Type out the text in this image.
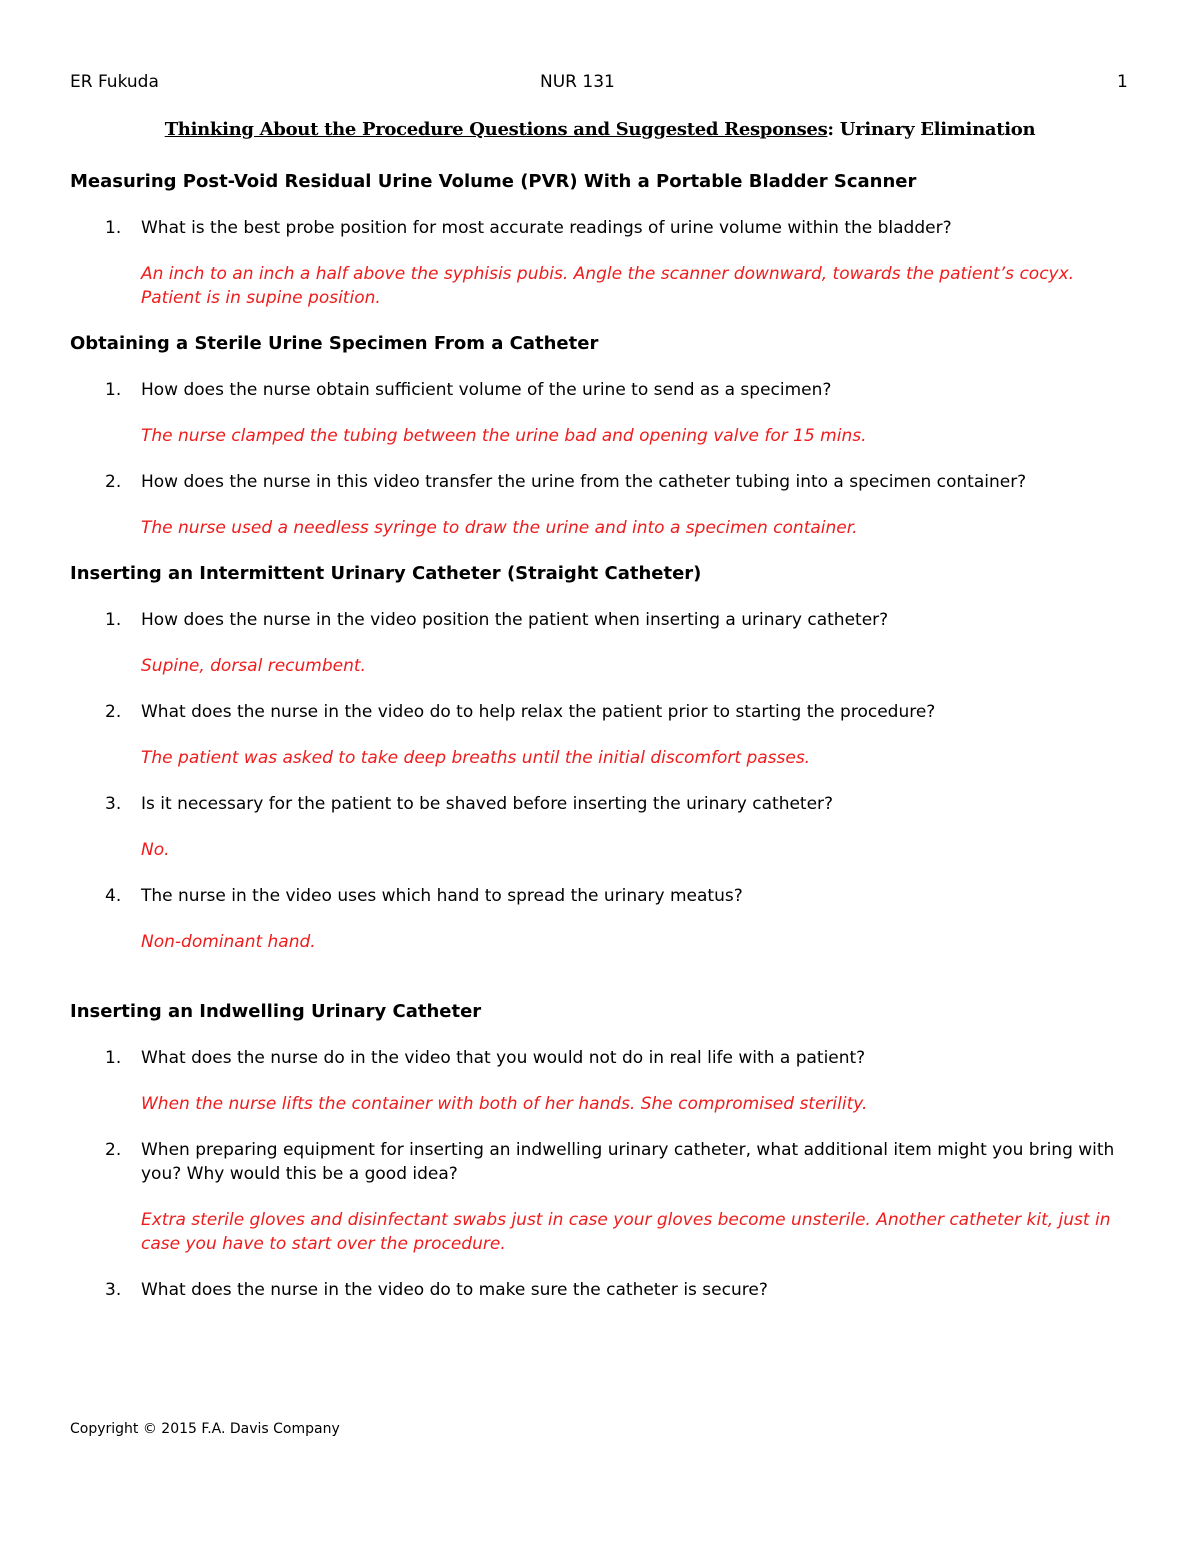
ER Fukuda	NUR 131	1
Thinking About the Procedure Questions and Suggested Responses: Urinary Elimination
Measuring Post-Void Residual Urine Volume (PVR) With a Portable Bladder Scanner
1. What is the best probe position for most accurate readings of urine volume within the bladder?
An inch to an inch a half above the syphisis pubis. Angle the scanner downward, towards the patient’s cocyx. Patient is in supine position.
Obtaining a Sterile Urine Specimen From a Catheter
1. How does the nurse obtain sufficient volume of the urine to send as a specimen?
The nurse clamped the tubing between the urine bad and opening valve for 15 mins.
2. How does the nurse in this video transfer the urine from the catheter tubing into a specimen container?
The nurse used a needless syringe to draw the urine and into a specimen container.
Inserting an Intermittent Urinary Catheter (Straight Catheter)
1. How does the nurse in the video position the patient when inserting a urinary catheter?
Supine, dorsal recumbent.
2. What does the nurse in the video do to help relax the patient prior to starting the procedure?
The patient was asked to take deep breaths until the initial discomfort passes.
3. Is it necessary for the patient to be shaved before inserting the urinary catheter?
No.
4. The nurse in the video uses which hand to spread the urinary meatus?
Non-dominant hand.
Inserting an Indwelling Urinary Catheter
1. What does the nurse do in the video that you would not do in real life with a patient?
When the nurse lifts the container with both of her hands. She compromised sterility.
2. When preparing equipment for inserting an indwelling urinary catheter, what additional item might you bring with you? Why would this be a good idea?
Extra sterile gloves and disinfectant swabs just in case your gloves become unsterile. Another catheter kit, just in case you have to start over the procedure.
3. What does the nurse in the video do to make sure the catheter is secure?
Copyright © 2015 F.A. Davis Company
